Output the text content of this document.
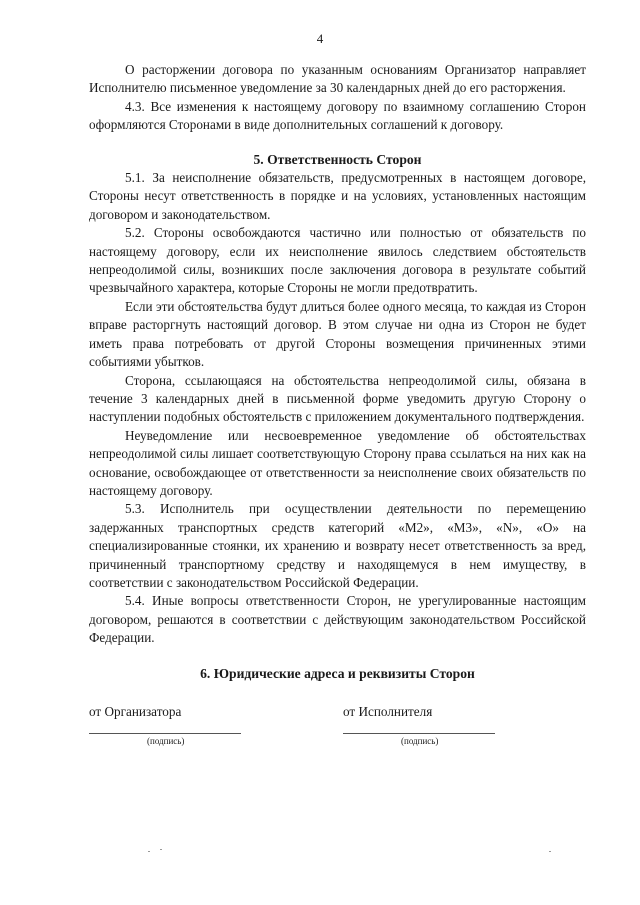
4

О расторжении договора по указанным основаниям Организатор направляет Исполнителю письменное уведомление за 30 календарных дней до его расторжения.

4.3. Все изменения к настоящему договору по взаимному соглашению Сторон оформляются Сторонами в виде дополнительных соглашений к договору.

5. Ответственность Сторон

5.1. За неисполнение обязательств, предусмотренных в настоящем договоре, Стороны несут ответственность в порядке и на условиях, установленных настоящим договором и законодательством.

5.2. Стороны освобождаются частично или полностью от обязательств по настоящему договору, если их неисполнение явилось следствием обстоятельств непреодолимой силы, возникших после заключения договора в результате событий чрезвычайного характера, которые Стороны не могли предотвратить.

Если эти обстоятельства будут длиться более одного месяца, то каждая из Сторон вправе расторгнуть настоящий договор. В этом случае ни одна из Сторон не будет иметь права потребовать от другой Стороны возмещения причиненных этими событиями убытков.

Сторона, ссылающаяся на обстоятельства непреодолимой силы, обязана в течение 3 календарных дней в письменной форме уведомить другую Сторону о наступлении подобных обстоятельств с приложением документального подтверждения.

Неуведомление или несвоевременное уведомление об обстоятельствах непреодолимой силы лишает соответствующую Сторону права ссылаться на них как на основание, освобождающее от ответственности за неисполнение своих обязательств по настоящему договору.

5.3. Исполнитель при осуществлении деятельности по перемещению задержанных транспортных средств категорий «М2», «М3», «N», «О» на специализированные стоянки, их хранению и возврату несет ответственность за вред, причиненный транспортному средству и находящемуся в нем имуществу, в соответствии с законодательством Российской Федерации.

5.4. Иные вопросы ответственности Сторон, не урегулированные настоящим договором, решаются в соответствии с действующим законодательством Российской Федерации.

6. Юридические адреса и реквизиты Сторон
от Организатора
(подпись)
от Исполнителя
(подпись)
